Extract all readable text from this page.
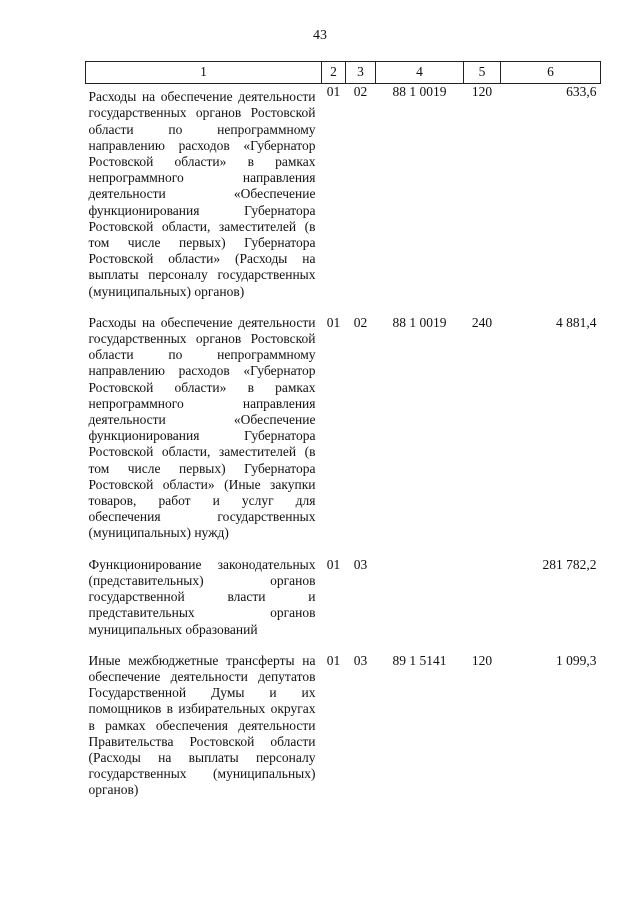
43
1	2	3	4	5	6
Расходы на обеспечение деятельности государственных органов Ростовской области по непрограммному направлению расходов «Губернатор Ростовской области» в рамках непрограммного направления деятельности «Обеспечение функционирования Губернатора Ростовской области, заместителей (в том числе первых) Губернатора Ростовской области» (Расходы на выплаты персоналу государственных (муниципальных) органов)	01	02	88 1 0019	120	633,6
Расходы на обеспечение деятельности государственных органов Ростовской области по непрограммному направлению расходов «Губернатор Ростовской области» в рамках непрограммного направления деятельности «Обеспечение функционирования Губернатора Ростовской области, заместителей (в том числе первых) Губернатора Ростовской области» (Иные закупки товаров, работ и услуг для обеспечения государственных (муниципальных) нужд)	01	02	88 1 0019	240	4 881,4
Функционирование законодательных (представительных) органов государственной власти и представительных органов муниципальных образований	01	03			281 782,2
Иные межбюджетные трансферты на обеспечение деятельности депутатов Государственной Думы и их помощников в избирательных округах в рамках обеспечения деятельности Правительства Ростовской области (Расходы на выплаты персоналу государственных (муниципальных) органов)	01	03	89 1 5141	120	1 099,3
